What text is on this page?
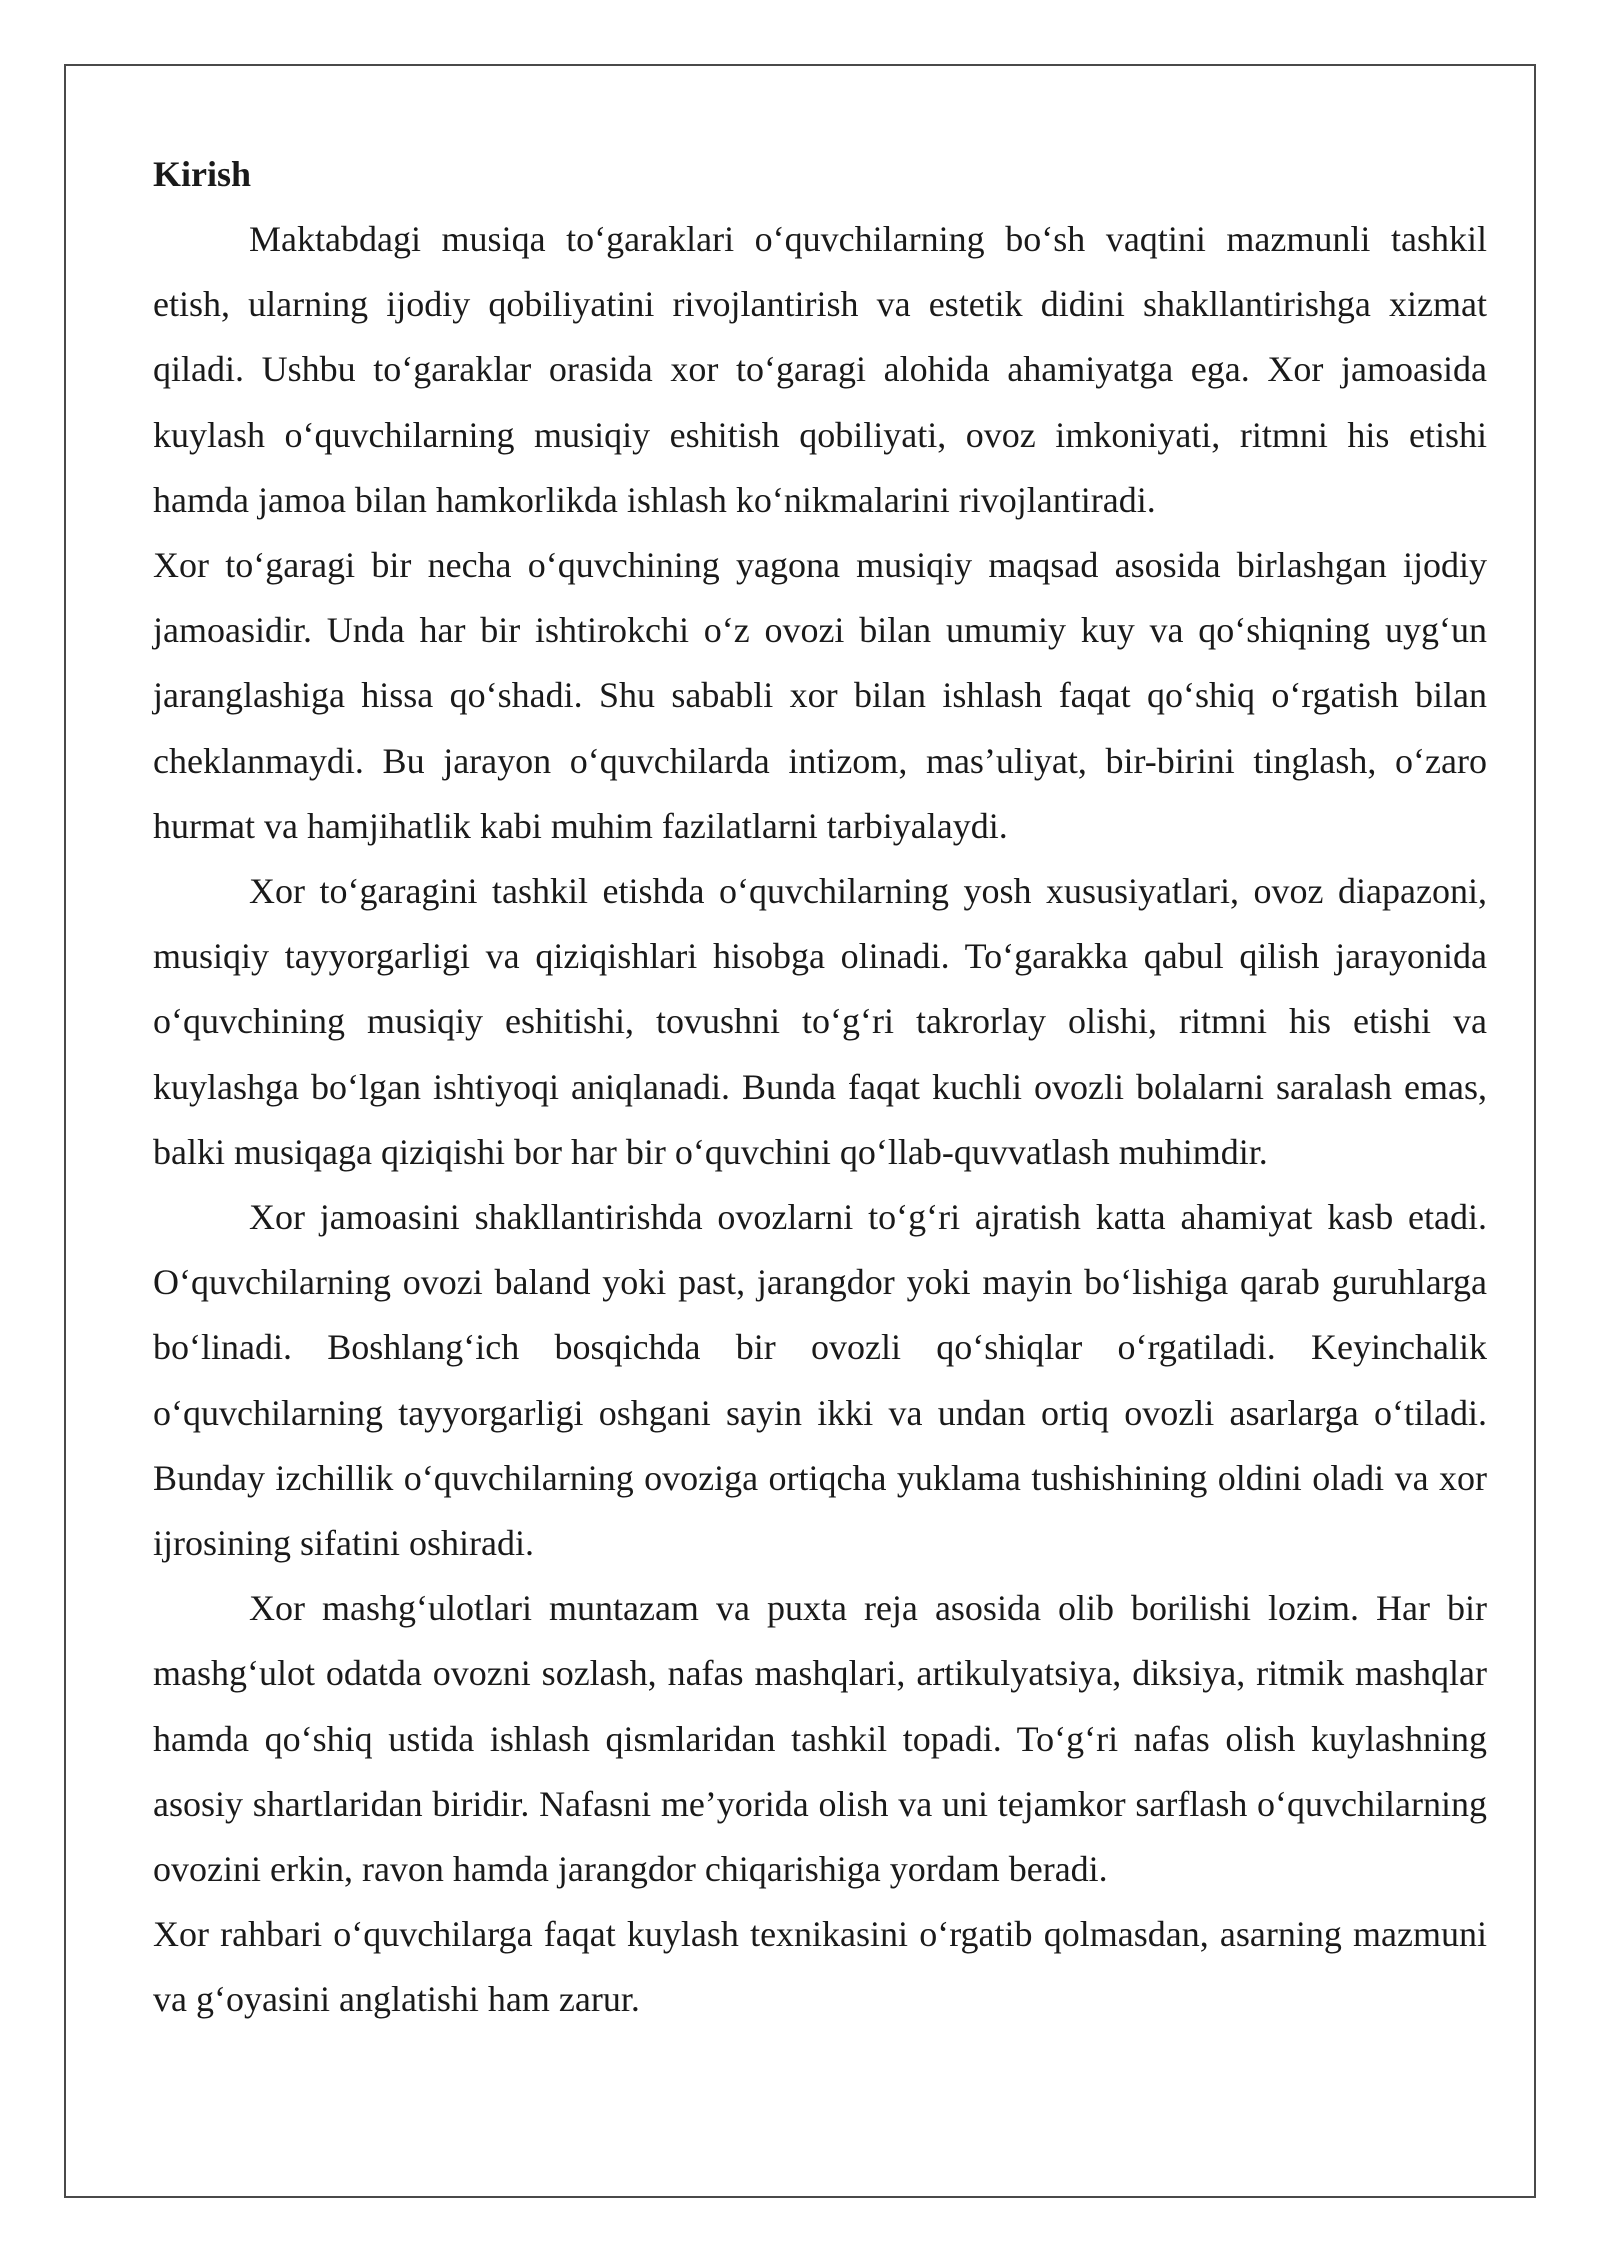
Kirish

Maktabdagi musiqa to‘garaklari o‘quvchilarning bo‘sh vaqtini mazmunli tashkil etish, ularning ijodiy qobiliyatini rivojlantirish va estetik didini shakllantirishga xizmat qiladi. Ushbu to‘garaklar orasida xor to‘garagi alohida ahamiyatga ega. Xor jamoasida kuylash o‘quvchilarning musiqiy eshitish qobiliyati, ovoz imkoniyati, ritmni his etishi hamda jamoa bilan hamkorlikda ishlash ko‘nikmalarini rivojlantiradi.

Xor to‘garagi bir necha o‘quvchining yagona musiqiy maqsad asosida birlashgan ijodiy jamoasidir. Unda har bir ishtirokchi o‘z ovozi bilan umumiy kuy va qo‘shiqning uyg‘un jaranglashiga hissa qo‘shadi. Shu sababli xor bilan ishlash faqat qo‘shiq o‘rgatish bilan cheklanmaydi. Bu jarayon o‘quvchilarda intizom, mas’uliyat, bir-birini tinglash, o‘zaro hurmat va hamjihatlik kabi muhim fazilatlarni tarbiyalaydi.

Xor to‘garagini tashkil etishda o‘quvchilarning yosh xususiyatlari, ovoz diapazoni, musiqiy tayyorgarligi va qiziqishlari hisobga olinadi. To‘garakka qabul qilish jarayonida o‘quvchining musiqiy eshitishi, tovushni to‘g‘ri takrorlay olishi, ritmni his etishi va kuylashga bo‘lgan ishtiyoqi aniqlanadi. Bunda faqat kuchli ovozli bolalarni saralash emas, balki musiqaga qiziqishi bor har bir o‘quvchini qo‘llab-quvvatlash muhimdir.

Xor jamoasini shakllantirishda ovozlarni to‘g‘ri ajratish katta ahamiyat kasb etadi. O‘quvchilarning ovozi baland yoki past, jarangdor yoki mayin bo‘lishiga qarab guruhlarga bo‘linadi. Boshlang‘ich bosqichda bir ovozli qo‘shiqlar o‘rgatiladi. Keyinchalik o‘quvchilarning tayyorgarligi oshgani sayin ikki va undan ortiq ovozli asarlarga o‘tiladi. Bunday izchillik o‘quvchilarning ovoziga ortiqcha yuklama tushishining oldini oladi va xor ijrosining sifatini oshiradi.

Xor mashg‘ulotlari muntazam va puxta reja asosida olib borilishi lozim. Har bir mashg‘ulot odatda ovozni sozlash, nafas mashqlari, artikulyatsiya, diksiya, ritmik mashqlar hamda qo‘shiq ustida ishlash qismlaridan tashkil topadi. To‘g‘ri nafas olish kuylashning asosiy shartlaridan biridir. Nafasni me’yorida olish va uni tejamkor sarflash o‘quvchilarning ovozini erkin, ravon hamda jarangdor chiqarishiga yordam beradi.

Xor rahbari o‘quvchilarga faqat kuylash texnikasini o‘rgatib qolmasdan, asarning mazmuni va g‘oyasini anglatishi ham zarur.
